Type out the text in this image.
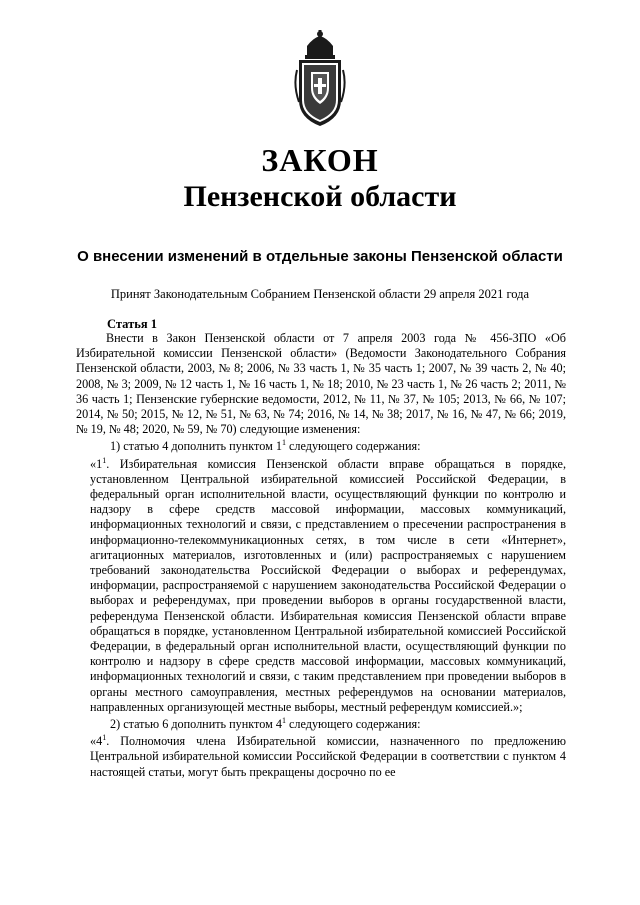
ЗАКОН
Пензенской области
О внесении изменений в отдельные законы Пензенской области
Принят Законодательным Собранием Пензенской области 29 апреля 2021 года
Статья 1

Внести в Закон Пензенской области от 7 апреля 2003 года № 456-ЗПО «Об Избирательной комиссии Пензенской области» (Ведомости Законодательного Собрания Пензенской области, 2003, № 8; 2006, № 33 часть 1, № 35 часть 1; 2007, № 39 часть 2, № 40; 2008, № 3; 2009, № 12 часть 1, № 16 часть 1, № 18; 2010, № 23 часть 1, № 26 часть 2; 2011, № 36 часть 1; Пензенские губернские ведомости, 2012, № 11, № 37, № 105; 2013, № 66, № 107; 2014, № 50; 2015, № 12, № 51, № 63, № 74; 2016, № 14, № 38; 2017, № 16, № 47, № 66; 2019, № 19, № 48; 2020, № 59, № 70) следующие изменения:

1) статью 4 дополнить пунктом $1^1$ следующего содержания:

«$1^1$. Избирательная комиссия Пензенской области вправе обращаться в порядке, установленном Центральной избирательной комиссией Российской Федерации, в федеральный орган исполнительной власти, осуществляющий функции по контролю и надзору в сфере средств массовой информации, массовых коммуникаций, информационных технологий и связи, с представлением о пресечении распространения в информационно-телекоммуникационных сетях, в том числе в сети «Интернет», агитационных материалов, изготовленных и (или) распространяемых с нарушением требований законодательства Российской Федерации о выборах и референдумах, информации, распространяемой с нарушением законодательства Российской Федерации о выборах и референдумах, при проведении выборов в органы государственной власти, референдума Пензенской области. Избирательная комиссия Пензенской области вправе обращаться в порядке, установленном Центральной избирательной комиссией Российской Федерации, в федеральный орган исполнительной власти, осуществляющий функции по контролю и надзору в сфере средств массовой информации, массовых коммуникаций, информационных технологий и связи, с таким представлением при проведении выборов в органы местного самоуправления, местных референдумов на основании материалов, направленных организующей местные выборы, местный референдум комиссией.»;

2) статью 6 дополнить пунктом $4^1$ следующего содержания:

«$4^1$. Полномочия члена Избирательной комиссии, назначенного по предложению Центральной избирательной комиссии Российской Федерации в соответствии с пунктом 4 настоящей статьи, могут быть прекращены досрочно по ее
